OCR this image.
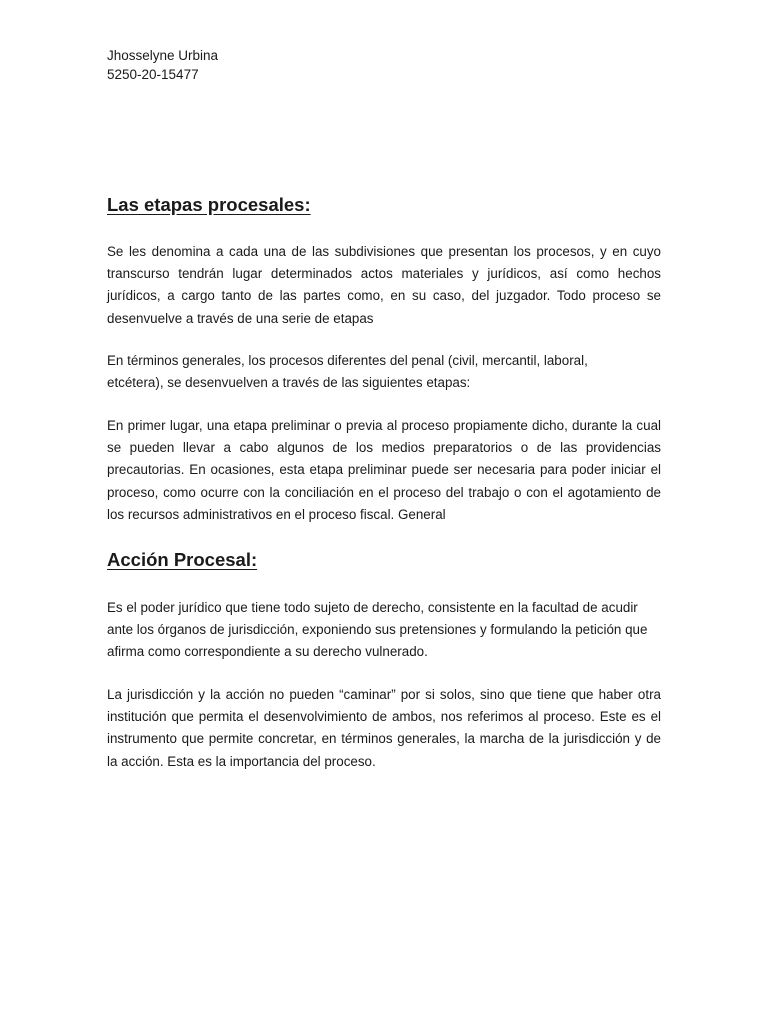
Jhosselyne Urbina
5250-20-15477
Las etapas procesales:

Se les denomina a cada una de las subdivisiones que presentan los procesos, y en cuyo transcurso tendrán lugar determinados actos materiales y jurídicos, así como hechos jurídicos, a cargo tanto de las partes como, en su caso, del juzgador. Todo proceso se desenvuelve a través de una serie de etapas

En términos generales, los procesos diferentes del penal (civil, mercantil, laboral, etcétera), se desenvuelven a través de las siguientes etapas:

En primer lugar, una etapa preliminar o previa al proceso propiamente dicho, durante la cual se pueden llevar a cabo algunos de los medios preparatorios o de las providencias precautorias. En ocasiones, esta etapa preliminar puede ser necesaria para poder iniciar el proceso, como ocurre con la conciliación en el proceso del trabajo o con el agotamiento de los recursos administrativos en el proceso fiscal. General

Acción Procesal:

Es el poder jurídico que tiene todo sujeto de derecho, consistente en la facultad de acudir ante los órganos de jurisdicción, exponiendo sus pretensiones y formulando la petición que afirma como correspondiente a su derecho vulnerado.

La jurisdicción y la acción no pueden “caminar” por si solos, sino que tiene que haber otra institución que permita el desenvolvimiento de ambos, nos referimos al proceso. Este es el instrumento que permite concretar, en términos generales, la marcha de la jurisdicción y de la acción. Esta es la importancia del proceso.
